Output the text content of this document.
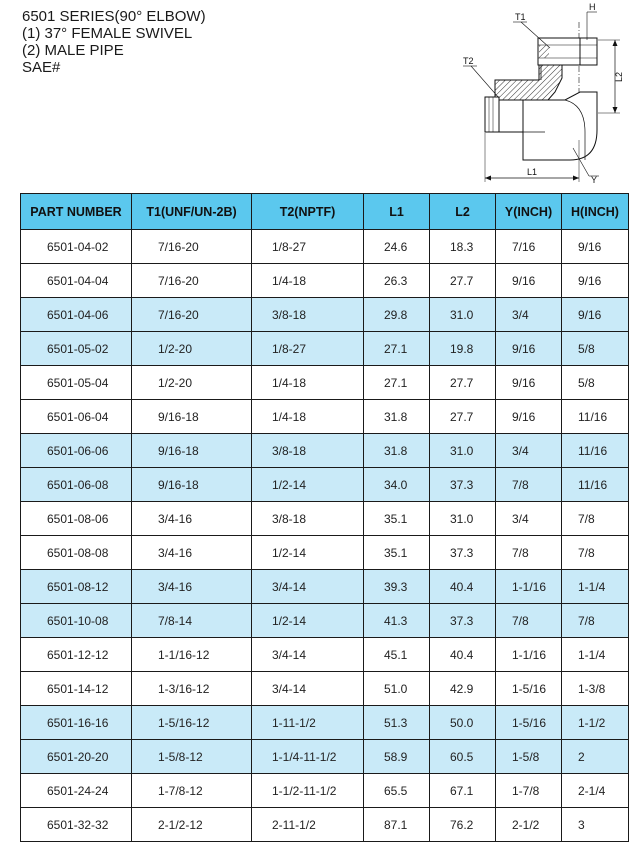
6501 SERIES(90° ELBOW)
(1) 37° FEMALE SWIVEL
(2) MALE PIPE
SAE#
L2
L1
T1
T2
H
Y
PART NUMBER	T1(UNF/UN-2B)	T2(NPTF)	L1	L2	Y(INCH)	H(INCH)
6501-04-02	7/16-20	1/8-27	24.6	18.3	7/16	9/16
6501-04-04	7/16-20	1/4-18	26.3	27.7	9/16	9/16
6501-04-06	7/16-20	3/8-18	29.8	31.0	3/4	9/16
6501-05-02	1/2-20	1/8-27	27.1	19.8	9/16	5/8
6501-05-04	1/2-20	1/4-18	27.1	27.7	9/16	5/8
6501-06-04	9/16-18	1/4-18	31.8	27.7	9/16	11/16
6501-06-06	9/16-18	3/8-18	31.8	31.0	3/4	11/16
6501-06-08	9/16-18	1/2-14	34.0	37.3	7/8	11/16
6501-08-06	3/4-16	3/8-18	35.1	31.0	3/4	7/8
6501-08-08	3/4-16	1/2-14	35.1	37.3	7/8	7/8
6501-08-12	3/4-16	3/4-14	39.3	40.4	1-1/16	1-1/4
6501-10-08	7/8-14	1/2-14	41.3	37.3	7/8	7/8
6501-12-12	1-1/16-12	3/4-14	45.1	40.4	1-1/16	1-1/4
6501-14-12	1-3/16-12	3/4-14	51.0	42.9	1-5/16	1-3/8
6501-16-16	1-5/16-12	1-11-1/2	51.3	50.0	1-5/16	1-1/2
6501-20-20	1-5/8-12	1-1/4-11-1/2	58.9	60.5	1-5/8	2
6501-24-24	1-7/8-12	1-1/2-11-1/2	65.5	67.1	1-7/8	2-1/4
6501-32-32	2-1/2-12	2-11-1/2	87.1	76.2	2-1/2	3
